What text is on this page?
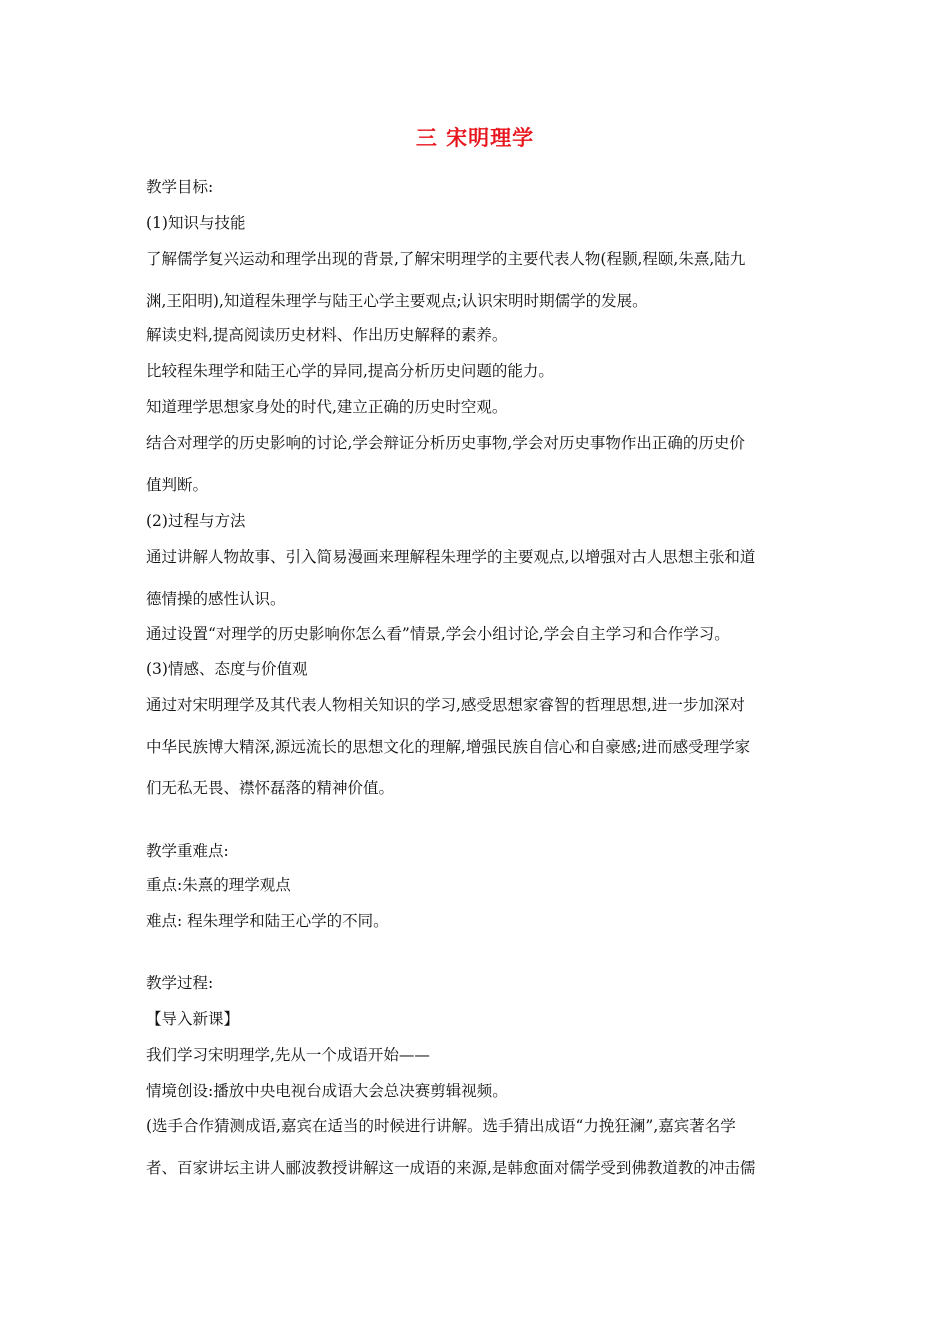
三 宋明理学
教学目标:
(1)知识与技能
了解儒学复兴运动和理学出现的背景,了解宋明理学的主要代表人物(程颢,程颐,朱熹,陆九
渊,王阳明),知道程朱理学与陆王心学主要观点;认识宋明时期儒学的发展。
解读史料,提高阅读历史材料、作出历史解释的素养。
比较程朱理学和陆王心学的异同,提高分析历史问题的能力。
知道理学思想家身处的时代,建立正确的历史时空观。
结合对理学的历史影响的讨论,学会辩证分析历史事物,学会对历史事物作出正确的历史价
值判断。
(2)过程与方法
通过讲解人物故事、引入简易漫画来理解程朱理学的主要观点,以增强对古人思想主张和道
德情操的感性认识。
通过设置“对理学的历史影响你怎么看”情景,学会小组讨论,学会自主学习和合作学习。
(3)情感、态度与价值观
通过对宋明理学及其代表人物相关知识的学习,感受思想家睿智的哲理思想,进一步加深对
中华民族博大精深,源远流长的思想文化的理解,增强民族自信心和自豪感;进而感受理学家
们无私无畏、襟怀磊落的精神价值。
教学重难点:
重点:朱熹的理学观点
难点: 程朱理学和陆王心学的不同。
教学过程:
【导入新课】
我们学习宋明理学,先从一个成语开始——
情境创设:播放中央电视台成语大会总决赛剪辑视频。
(选手合作猜测成语,嘉宾在适当的时候进行讲解。选手猜出成语“力挽狂澜”,嘉宾著名学
者、百家讲坛主讲人郦波教授讲解这一成语的来源,是韩愈面对儒学受到佛教道教的冲击儒
